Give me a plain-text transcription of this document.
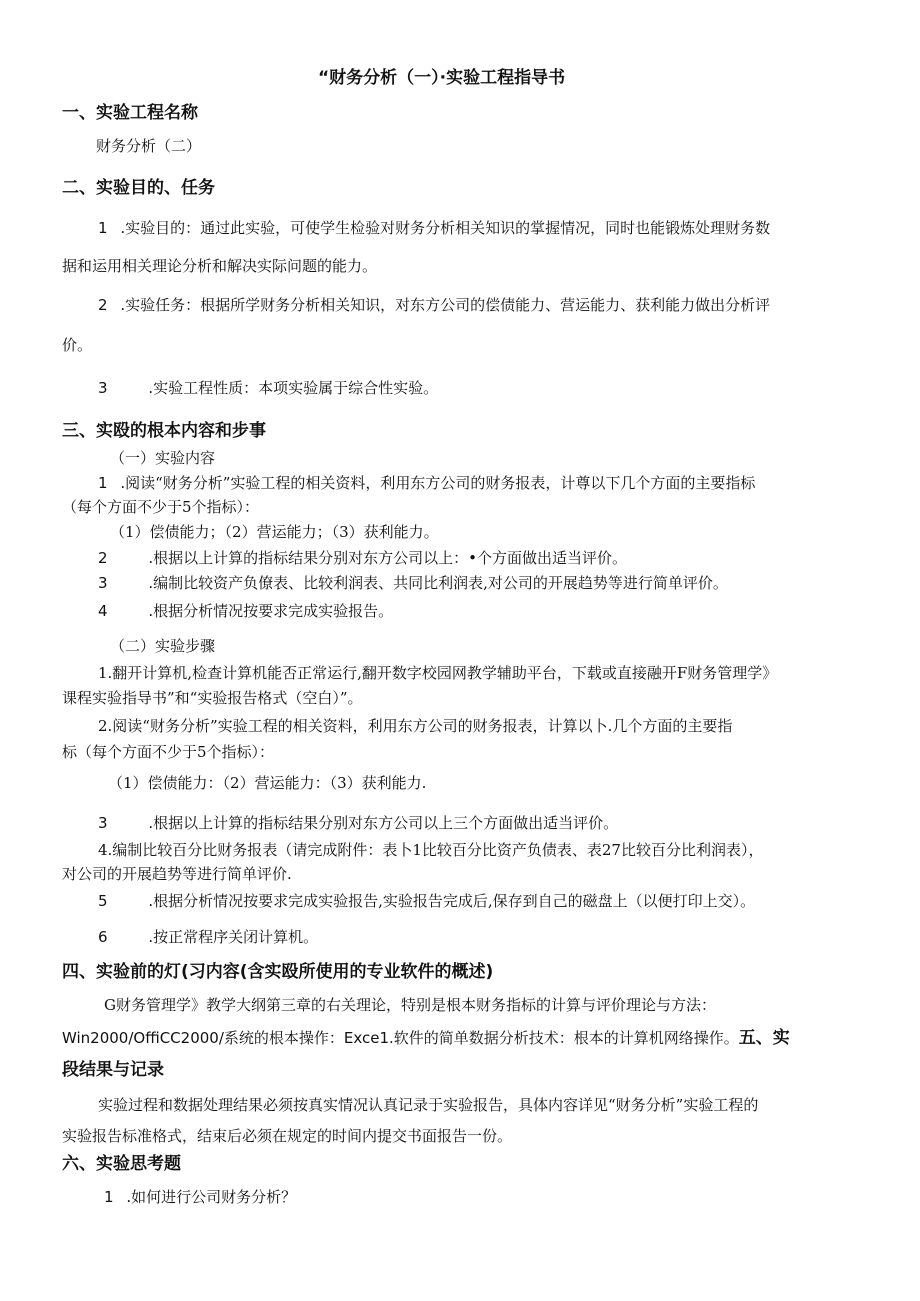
“财务分析（一）·实验工程指导书
一、实验工程名称
财务分析（二）
二、实验目的、任务
1 .实验目的：通过此实验，可使学生检验对财务分析相关知识的掌握情况，同时也能锻炼处理财务数
据和运用相关理论分析和解决实际问题的能力。
2 .实验任务：根据所学财务分析相关知识，对东方公司的偿债能力、营运能力、获利能力做出分析评
价。
3	.实验工程性质：本项实验属于综合性实验。
三、实殴的根本内容和步事
（一）实验内容
1 .阅读“财务分析”实验工程的相关资料，利用东方公司的财务报表，计尊以下几个方面的主要指标
（每个方面不少于5个指标）：
（1）偿债能力；（2）营运能力；（3）获利能力。
2	.根据以上计算的指标结果分别对东方公司以上：•个方面做出适当评价。
3	.编制比较资产负僚表、比较利润表、共同比利润表,对公司的开展趋势等进行简单评价。
4	.根据分析情况按要求完成实验报告。
（二）实验步骤
1.翻开计算机,检查计算机能否正常运行,翻开数字校园网教学辅助平台，下载或直接融开F财务管理学》
课程实验指导书”和“实验报告格式（空白）”。
2.阅读“财务分析”实验工程的相关资料，利用东方公司的财务报表，计算以卜.几个方面的主要指
标（每个方面不少于5个指标）：
（1）偿债能力：（2）营运能力：（3）获利能力.
3	.根据以上计算的指标结果分别对东方公司以上三个方面做出适当评价。
4.编制比较百分比财务报表（请完成附件：表卜1比较百分比资产负债表、表27比较百分比利润表），
对公司的开展趋势等进行简单评价.
5	.根据分析情况按要求完成实验报告,实验报告完成后,保存到自己的磁盘上（以便打印上交）。
6	.按正常程序关闭计算机。
四、实验前的灯(习内容(含实殴所使用的专业软件的概述)
G财务管理学》教学大纲第三章的右关理论，特别是根本财务指标的计算与评价理论与方法：
Win2000/OffiCC2000/系统的根本操作：Exce1.软件的简单数据分析技术：根本的计算机网络操作。五、实
段结果与记录
实验过程和数据处理结果必须按真实情况认真记录于实验报告，具体内容详见“财务分析”实验工程的
实验报告标准格式，结束后必须在规定的时间内提交书面报告一份。
六、实验思考题
1 .如何进行公司财务分析？
